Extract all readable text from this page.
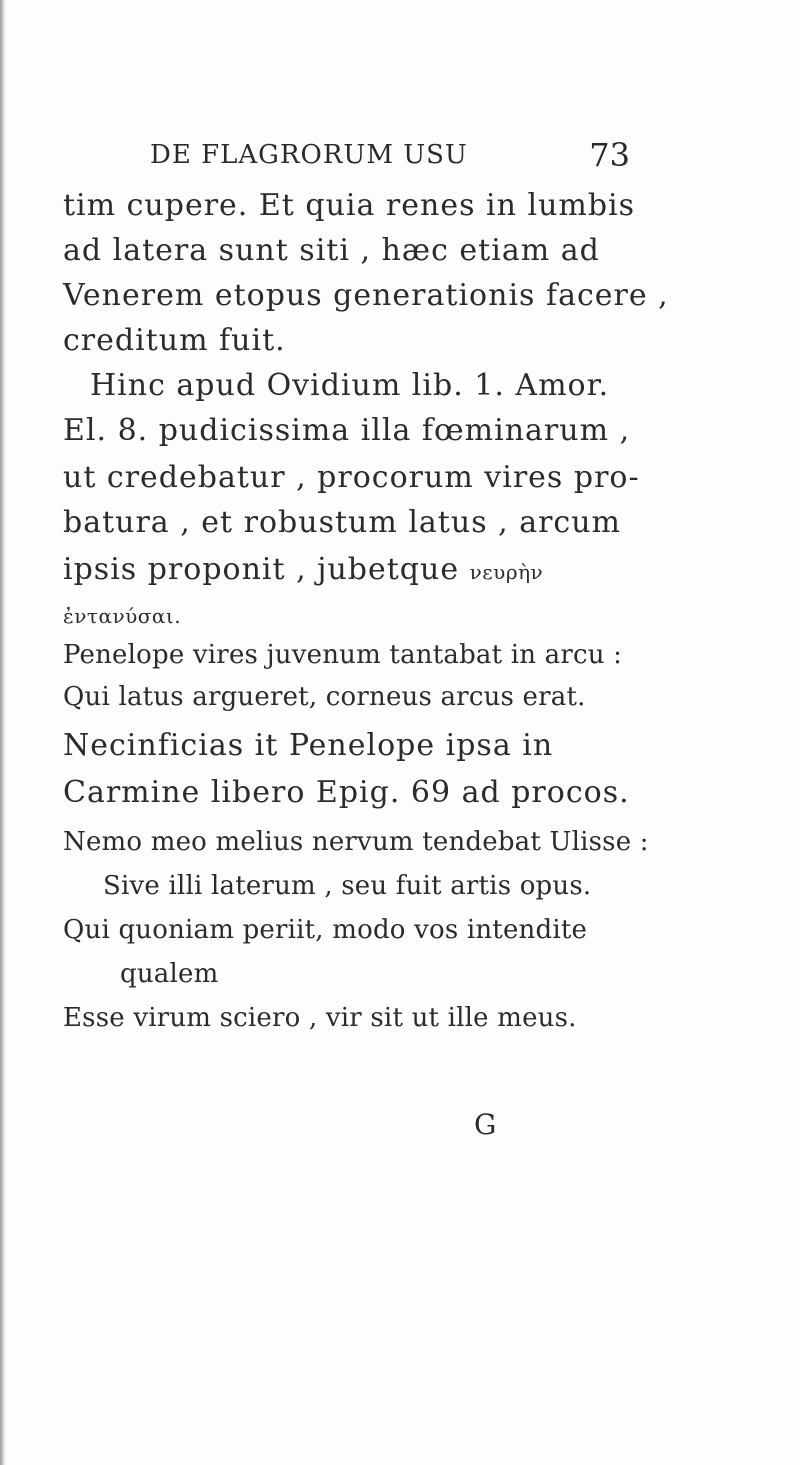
DE FLAGRORUM USU	73
tim cupere. Et quia renes in lumbis
ad latera sunt siti , hæc etiam ad
Venerem etopus generationis facere ,
creditum fuit.
Hinc apud Ovidium lib. 1. Amor.
El. 8. pudicissima illa fœminarum ,
ut credebatur , procorum vires pro-
batura , et robustum latus , arcum
ipsis proponit , jubetque νευρὴν
ἐντανύσαι.
Penelope vires juvenum tantabat in arcu :
Qui latus argueret, corneus arcus erat.
Necinficias it Penelope ipsa in
Carmine libero Epig. 69 ad procos.
Nemo meo melius nervum tendebat Ulisse :
Sive illi laterum , seu fuit artis opus.
Qui quoniam periit, modo vos intendite
qualem
Esse virum sciero , vir sit ut ille meus.
G
